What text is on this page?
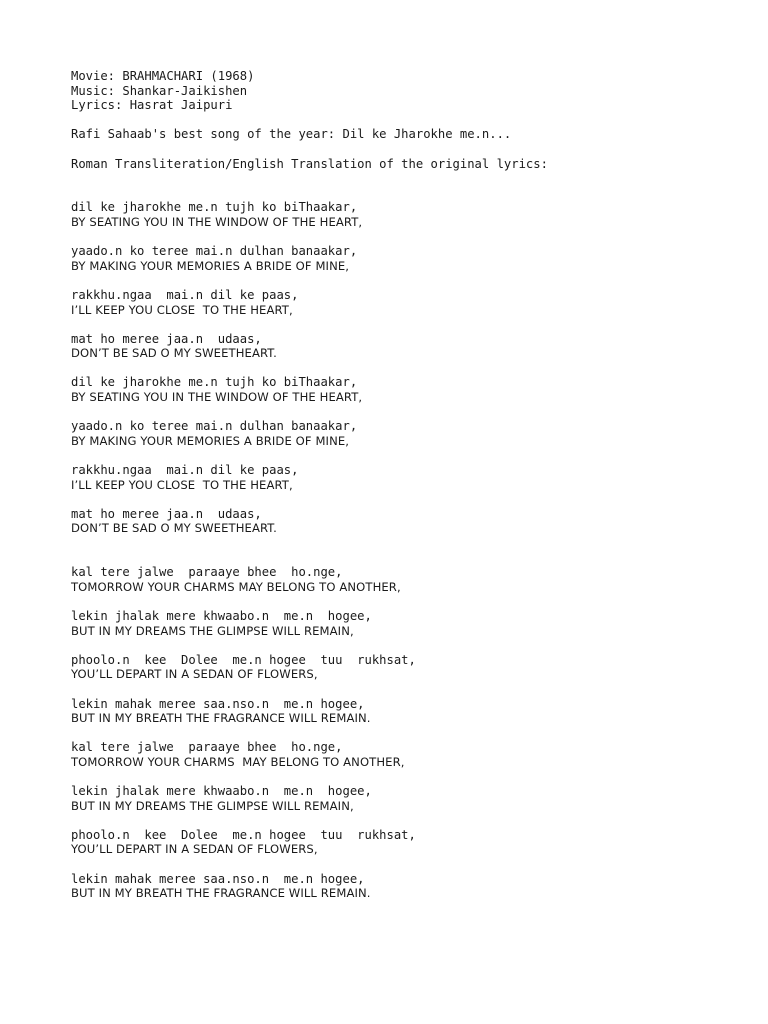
Movie: BRAHMACHARI (1968)
Music: Shankar-Jaikishen
Lyrics: Hasrat Jaipuri
Rafi Sahaab's best song of the year: Dil ke Jharokhe me.n...
Roman Transliteration/English Translation of the original lyrics:
dil ke jharokhe me.n tujh ko biThaakar,
BY SEATING YOU IN THE WINDOW OF THE HEART,
yaado.n ko teree mai.n dulhan banaakar,
BY MAKING YOUR MEMORIES A BRIDE OF MINE,
rakkhu.ngaa  mai.n dil ke paas,
I’LL KEEP YOU CLOSE  TO THE HEART,
mat ho meree jaa.n  udaas,
DON’T BE SAD O MY SWEETHEART.
dil ke jharokhe me.n tujh ko biThaakar,
BY SEATING YOU IN THE WINDOW OF THE HEART,
yaado.n ko teree mai.n dulhan banaakar,
BY MAKING YOUR MEMORIES A BRIDE OF MINE,
rakkhu.ngaa  mai.n dil ke paas,
I’LL KEEP YOU CLOSE  TO THE HEART,
mat ho meree jaa.n  udaas,
DON’T BE SAD O MY SWEETHEART.
kal tere jalwe  paraaye bhee  ho.nge,
TOMORROW YOUR CHARMS MAY BELONG TO ANOTHER,
lekin jhalak mere khwaabo.n  me.n  hogee,
BUT IN MY DREAMS THE GLIMPSE WILL REMAIN,
phoolo.n  kee  Dolee  me.n hogee  tuu  rukhsat,
YOU’LL DEPART IN A SEDAN OF FLOWERS,
lekin mahak meree saa.nso.n  me.n hogee,
BUT IN MY BREATH THE FRAGRANCE WILL REMAIN.
kal tere jalwe  paraaye bhee  ho.nge,
TOMORROW YOUR CHARMS  MAY BELONG TO ANOTHER,
lekin jhalak mere khwaabo.n  me.n  hogee,
BUT IN MY DREAMS THE GLIMPSE WILL REMAIN,
phoolo.n  kee  Dolee  me.n hogee  tuu  rukhsat,
YOU’LL DEPART IN A SEDAN OF FLOWERS,
lekin mahak meree saa.nso.n  me.n hogee,
BUT IN MY BREATH THE FRAGRANCE WILL REMAIN.
